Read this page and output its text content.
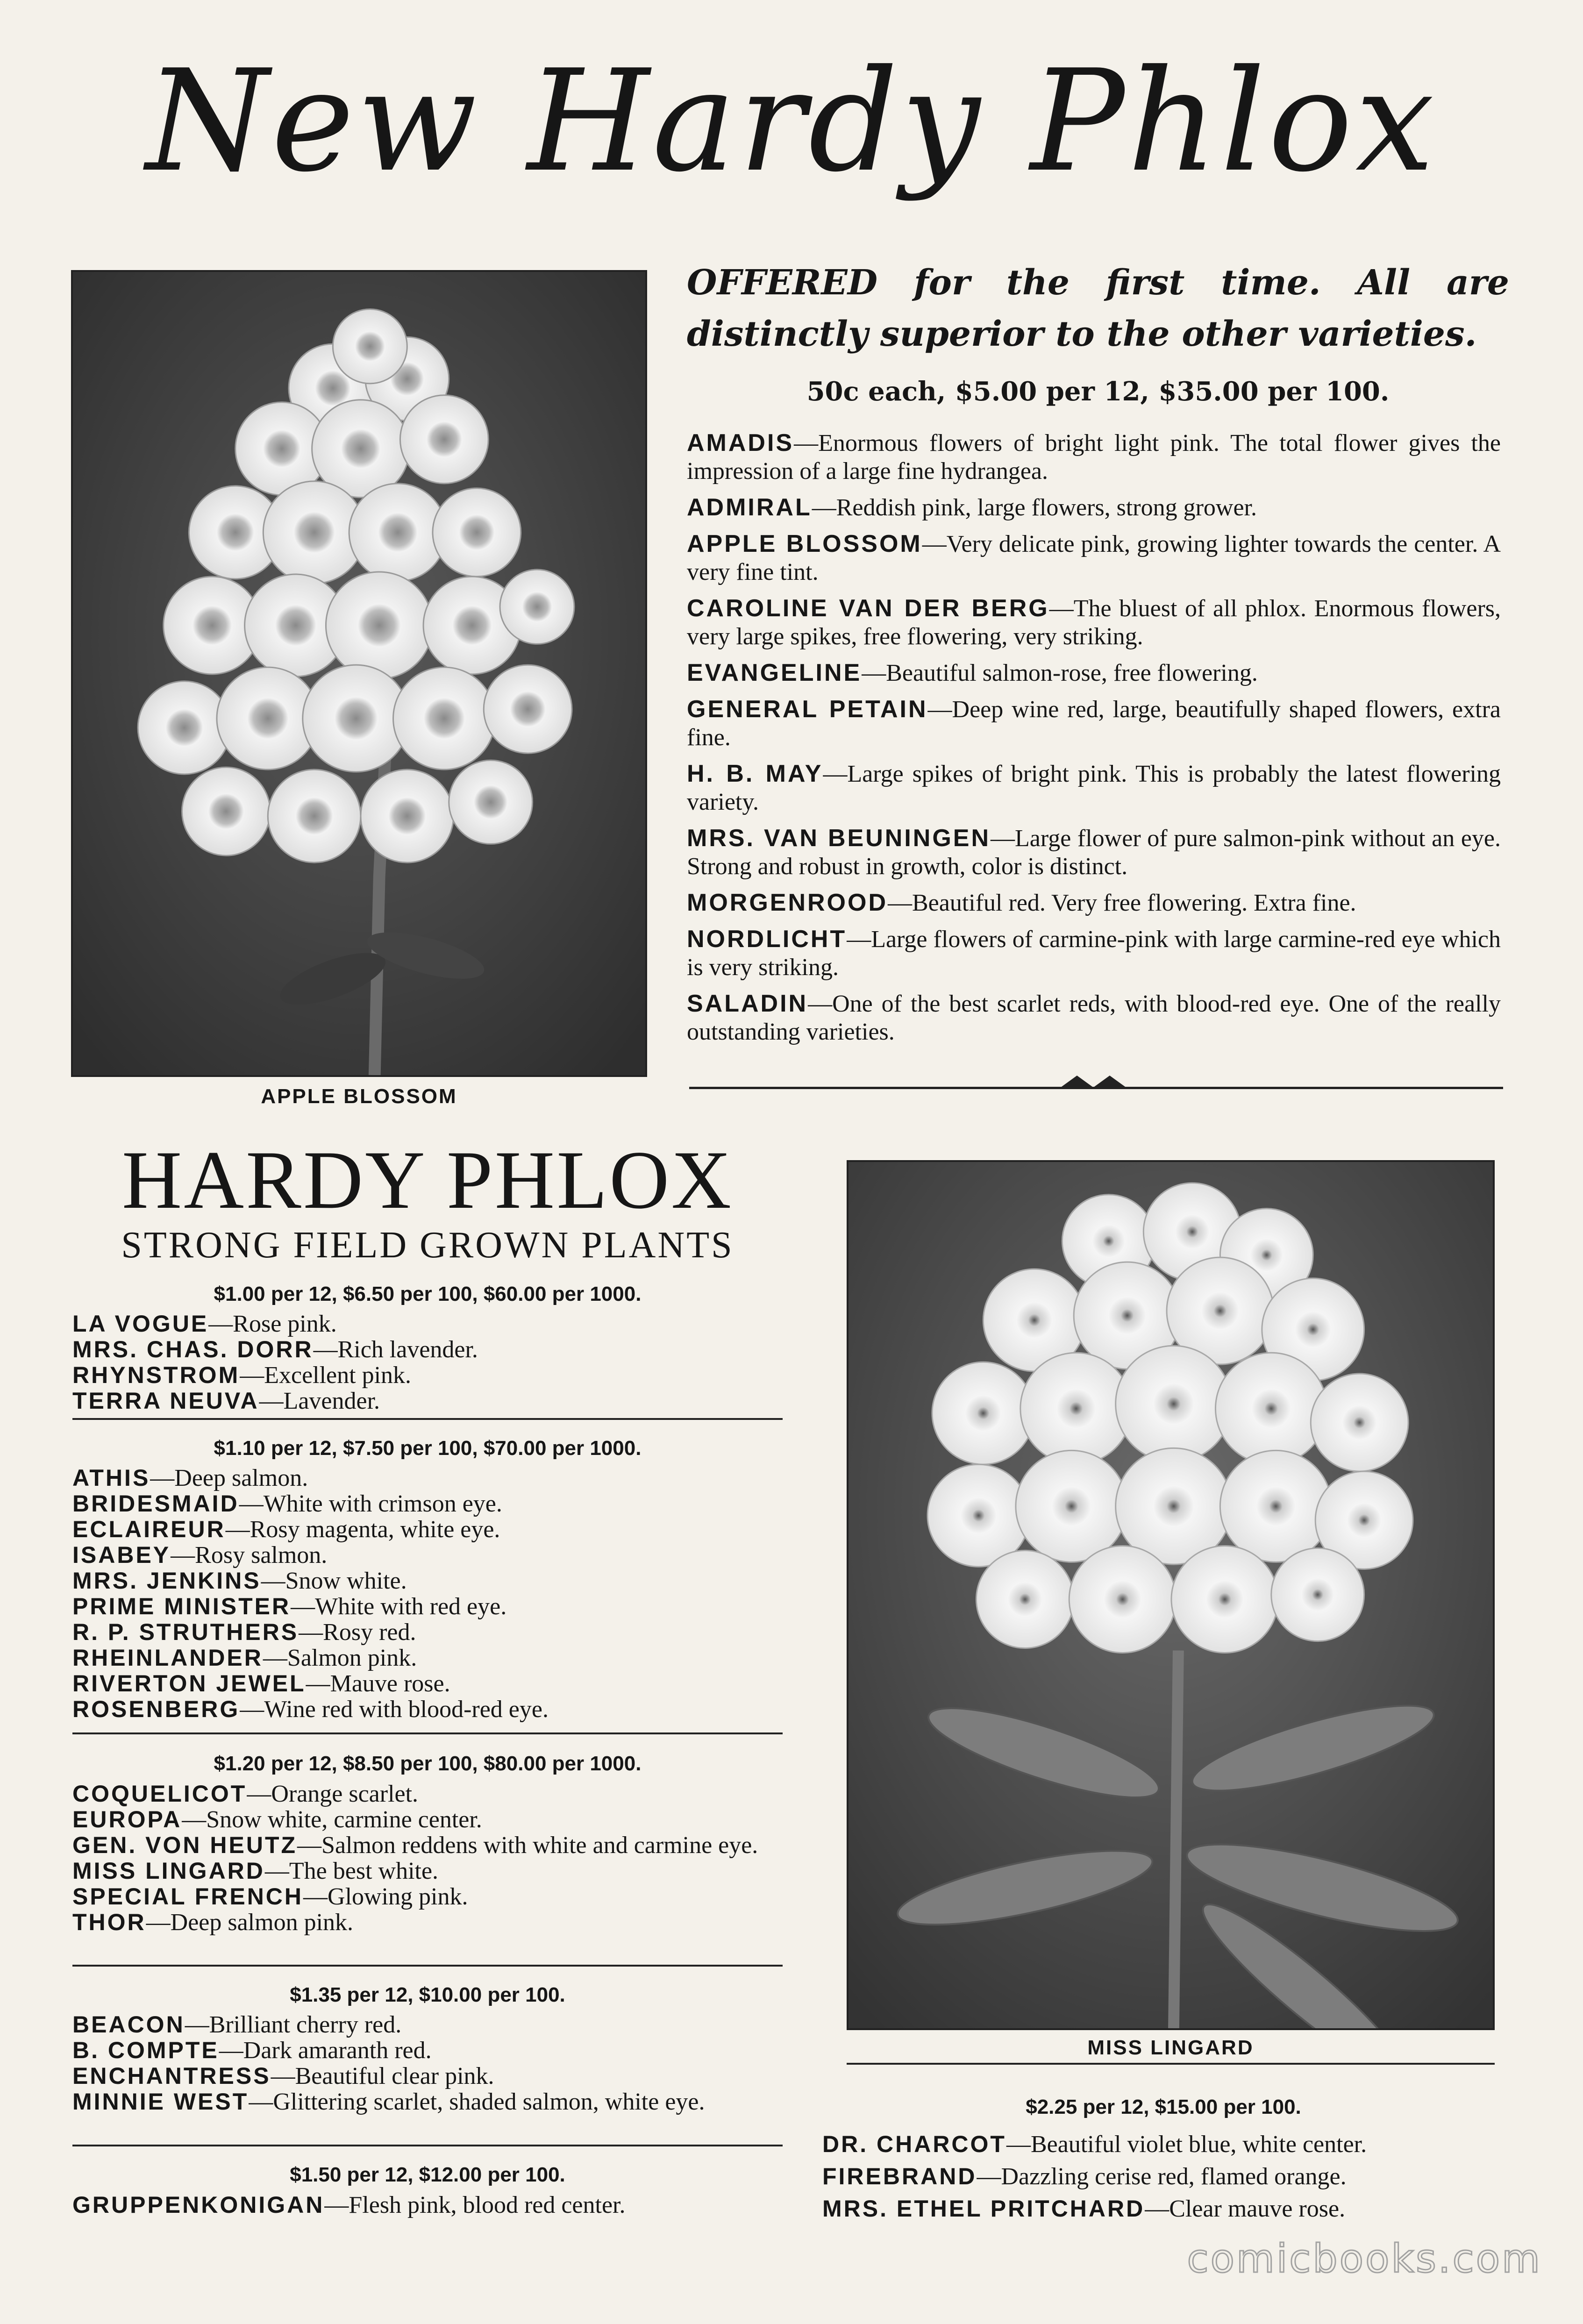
New Hardy Phlox
APPLE BLOSSOM
OFFERED for the first time. All are distinctly superior to the other varieties.
50c each, $5.00 per 12, $35.00 per 100.

AMADIS—Enormous flowers of bright light pink. The total flower gives the impression of a large fine hydrangea.

ADMIRAL—Reddish pink, large flowers, strong grower.

APPLE BLOSSOM—Very delicate pink, growing lighter towards the center. A very fine tint.

CAROLINE VAN DER BERG—The bluest of all phlox. Enormous flowers, very large spikes, free flowering, very striking.

EVANGELINE—Beautiful salmon-rose, free flowering.

GENERAL PETAIN—Deep wine red, large, beautifully shaped flowers, extra fine.

H. B. MAY—Large spikes of bright pink. This is probably the latest flowering variety.

MRS. VAN BEUNINGEN—Large flower of pure salmon-pink without an eye. Strong and robust in growth, color is distinct.

MORGENROOD—Beautiful red. Very free flowering. Extra fine.

NORDLICHT—Large flowers of carmine-pink with large carmine-red eye which is very striking.

SALADIN—One of the best scarlet reds, with blood-red eye. One of the really outstanding varieties.

HARDY PHLOX
STRONG FIELD GROWN PLANTS
$1.00 per 12, $6.50 per 100, $60.00 per 1000.

LA VOGUE—Rose pink.

MRS. CHAS. DORR—Rich lavender.

RHYNSTROM—Excellent pink.

TERRA NEUVA—Lavender.

$1.10 per 12, $7.50 per 100, $70.00 per 1000.

ATHIS—Deep salmon.

BRIDESMAID—White with crimson eye.

ECLAIREUR—Rosy magenta, white eye.

ISABEY—Rosy salmon.

MRS. JENKINS—Snow white.

PRIME MINISTER—White with red eye.

R. P. STRUTHERS—Rosy red.

RHEINLANDER—Salmon pink.

RIVERTON JEWEL—Mauve rose.

ROSENBERG—Wine red with blood-red eye.

$1.20 per 12, $8.50 per 100, $80.00 per 1000.

COQUELICOT—Orange scarlet.

EUROPA—Snow white, carmine center.

GEN. VON HEUTZ—Salmon reddens with white and carmine eye.

MISS LINGARD—The best white.

SPECIAL FRENCH—Glowing pink.

THOR—Deep salmon pink.

$1.35 per 12, $10.00 per 100.

BEACON—Brilliant cherry red.

B. COMPTE—Dark amaranth red.

ENCHANTRESS—Beautiful clear pink.

MINNIE WEST—Glittering scarlet, shaded salmon, white eye.

$1.50 per 12, $12.00 per 100.

GRUPPENKONIGAN—Flesh pink, blood red center.

MISS LINGARD
$2.25 per 12, $15.00 per 100.

DR. CHARCOT—Beautiful violet blue, white center.

FIREBRAND—Dazzling cerise red, flamed orange.

MRS. ETHEL PRITCHARD—Clear mauve rose.

comicbooks.com
